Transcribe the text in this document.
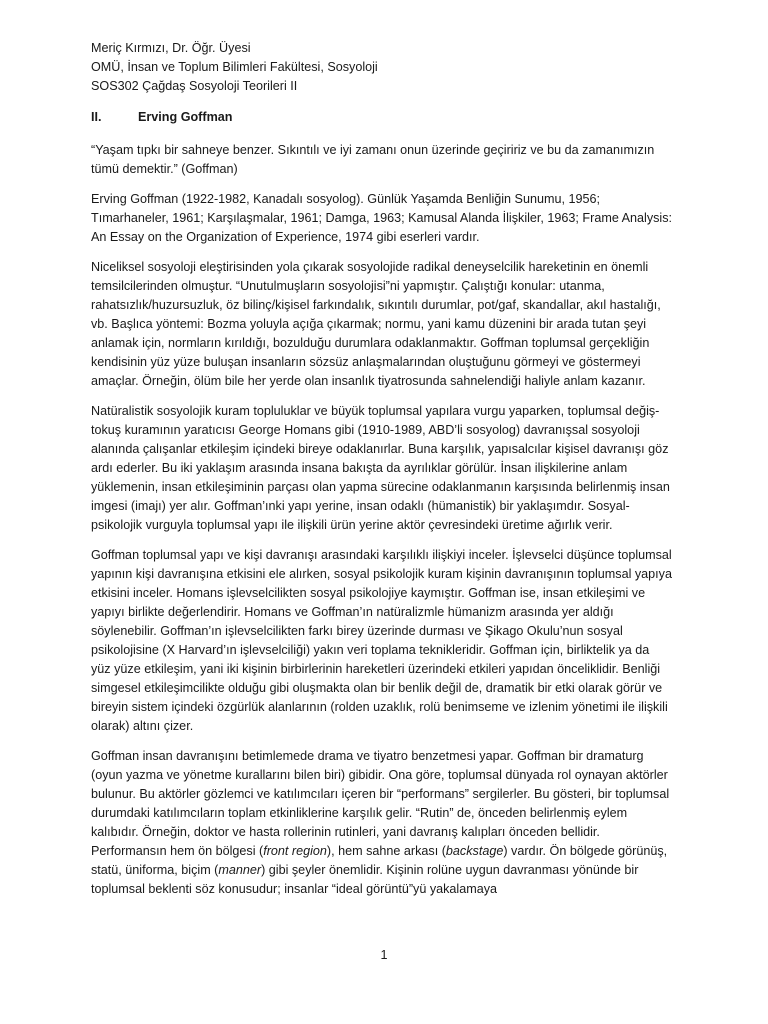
Meriç Kırmızı, Dr. Öğr. Üyesi

OMÜ, İnsan ve Toplum Bilimleri Fakültesi, Sosyoloji

SOS302 Çağdaş Sosyoloji Teorileri II

II.	Erving Goffman

“Yaşam tıpkı bir sahneye benzer. Sıkıntılı ve iyi zamanı onun üzerinde geçiririz ve bu da zamanımızın tümü demektir.” (Goffman)

Erving Goffman (1922-1982, Kanadalı sosyolog). Günlük Yaşamda Benliğin Sunumu, 1956; Tımarhaneler, 1961; Karşılaşmalar, 1961; Damga, 1963; Kamusal Alanda İlişkiler, 1963; Frame Analysis: An Essay on the Organization of Experience, 1974 gibi eserleri vardır.

Niceliksel sosyoloji eleştirisinden yola çıkarak sosyolojide radikal deneyselcilik hareketinin en önemli temsilcilerinden olmuştur. “Unutulmuşların sosyolojisi”ni yapmıştır. Çalıştığı konular: utanma, rahatsızlık/huzursuzluk, öz bilinç/kişisel farkındalık, sıkıntılı durumlar, pot/gaf, skandallar, akıl hastalığı, vb. Başlıca yöntemi: Bozma yoluyla açığa çıkarmak; normu, yani kamu düzenini bir arada tutan şeyi anlamak için, normların kırıldığı, bozulduğu durumlara odaklanmaktır. Goffman toplumsal gerçekliğin kendisinin yüz yüze buluşan insanların sözsüz anlaşmalarından oluştuğunu görmeyi ve göstermeyi amaçlar. Örneğin, ölüm bile her yerde olan insanlık tiyatrosunda sahnelendiği haliyle anlam kazanır.

Natüralistik sosyolojik kuram topluluklar ve büyük toplumsal yapılara vurgu yaparken, toplumsal değiş-tokuş kuramının yaratıcısı George Homans gibi (1910-1989, ABD’li sosyolog) davranışsal sosyoloji alanında çalışanlar etkileşim içindeki bireye odaklanırlar. Buna karşılık, yapısalcılar kişisel davranışı göz ardı ederler. Bu iki yaklaşım arasında insana bakışta da ayrılıklar görülür. İnsan ilişkilerine anlam yüklemenin, insan etkileşiminin parçası olan yapma sürecine odaklanmanın karşısında belirlenmiş insan imgesi (imajı) yer alır. Goffman’ınki yapı yerine, insan odaklı (hümanistik) bir yaklaşımdır. Sosyal-psikolojik vurguyla toplumsal yapı ile ilişkili ürün yerine aktör çevresindeki üretime ağırlık verir.

Goffman toplumsal yapı ve kişi davranışı arasındaki karşılıklı ilişkiyi inceler. İşlevselci düşünce toplumsal yapının kişi davranışına etkisini ele alırken, sosyal psikolojik kuram kişinin davranışının toplumsal yapıya etkisini inceler. Homans işlevselcilikten sosyal psikolojiye kaymıştır. Goffman ise, insan etkileşimi ve yapıyı birlikte değerlendirir. Homans ve Goffman’ın natüralizmle hümanizm arasında yer aldığı söylenebilir. Goffman’ın işlevselcilikten farkı birey üzerinde durması ve Şikago Okulu’nun sosyal psikolojisine (X Harvard’ın işlevselciliği) yakın veri toplama teknikleridir. Goffman için, birliktelik ya da yüz yüze etkileşim, yani iki kişinin birbirlerinin hareketleri üzerindeki etkileri yapıdan önceliklidir. Benliği simgesel etkileşimcilikte olduğu gibi oluşmakta olan bir benlik değil de, dramatik bir etki olarak görür ve bireyin sistem içindeki özgürlük alanlarının (rolden uzaklık, rolü benimseme ve izlenim yönetimi ile ilişkili olarak) altını çizer.

Goffman insan davranışını betimlemede drama ve tiyatro benzetmesi yapar. Goffman bir dramaturg (oyun yazma ve yönetme kurallarını bilen biri) gibidir. Ona göre, toplumsal dünyada rol oynayan aktörler bulunur. Bu aktörler gözlemci ve katılımcıları içeren bir “performans” sergilerler. Bu gösteri, bir toplumsal durumdaki katılımcıların toplam etkinliklerine karşılık gelir. “Rutin” de, önceden belirlenmiş eylem kalıbıdır. Örneğin, doktor ve hasta rollerinin rutinleri, yani davranış kalıpları önceden bellidir. Performansın hem ön bölgesi (front region), hem sahne arkası (backstage) vardır. Ön bölgede görünüş, statü, üniforma, biçim (manner) gibi şeyler önemlidir. Kişinin rolüne uygun davranması yönünde bir toplumsal beklenti söz konusudur; insanlar “ideal görüntü”yü yakalamaya

1
